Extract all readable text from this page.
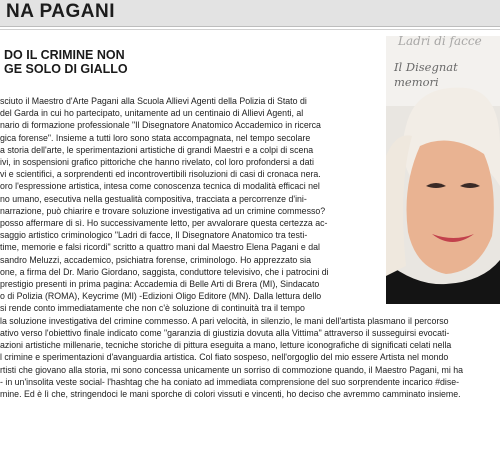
NA PAGANI
DO IL CRIMINE NON
GE SOLO DI GIALLO
sciuto il Maestro d'Arte Pagani alla Scuola Allievi Agenti della Polizia di Stato di
del Garda in cui ho partecipato, unitamente ad un centinaio di Allievi Agenti, al
nario di formazione professionale "Il Disegnatore Anatomico Accademico in ricerca
gica forense". Insieme a tutti loro sono stata accompagnata, nel tempo secolare
a storia dell'arte, le sperimentazioni artistiche di grandi Maestri e a colpi di scena
ivi, in sospensioni grafico pittoriche che hanno rivelato, col loro profondersi a dati
vi e scientifici, a sorprendenti ed incontrovertibili risoluzioni di casi di cronaca nera.
oro l'espressione artistica, intesa come conoscenza tecnica di modalità efficaci nel
no umano, esecutiva nella gestualità compositiva, tracciata a percorrenze d'ini-
narrazione, può chiarire e trovare soluzione investigativa ad un crimine commesso?
posso affermare di sì. Ho successivamente letto, per avvalorare questa certezza ac-
saggio artistico criminologico "Ladri di facce, Il Disegnatore Anatomico tra testi-
time, memorie e falsi ricordi" scritto a quattro mani dal Maestro Elena Pagani e dal
sandro Meluzzi, accademico, psichiatra forense, criminologo. Ho apprezzato sia
one, a firma del Dr. Mario Giordano, saggista, conduttore televisivo, che i patrocini di
prestigio presenti in prima pagina: Accademia di Belle Arti di Brera (MI), Sindacato
o di Polizia (ROMA), Keycrime (MI) -Edizioni Oligo Editore (MN). Dalla lettura dello
si rende conto immediatamente che non c'è soluzione di continuità tra il tempo
la soluzione investigativa del crimine commesso. A pari velocità, in silenzio, le mani dell'artista plasmano il percorso
ativo verso l'obiettivo finale indicato come "garanzia di giustizia dovuta alla Vittima" attraverso il susseguirsi evocati-
azioni artistiche millenarie, tecniche storiche di pittura eseguita a mano, letture iconografiche di significati celati nella
l crimine e sperimentazioni d'avanguardia artistica. Col fiato sospeso, nell'orgoglio del mio essere Artista nel mondo
rtisti che giovano alla storia, mi sono concessa unicamente un sorriso di commozione quando, il Maestro Pagani, mi ha
- in un'insolita veste social- l'hashtag che ha coniato ad immediata comprensione del suo sorprendente incarico #dise-
mine. Ed è lì che, stringendoci le mani sporche di colori vissuti e vincenti, ho deciso che avremmo camminato insieme.
Ladri di facce
Il Disegnat
memori
